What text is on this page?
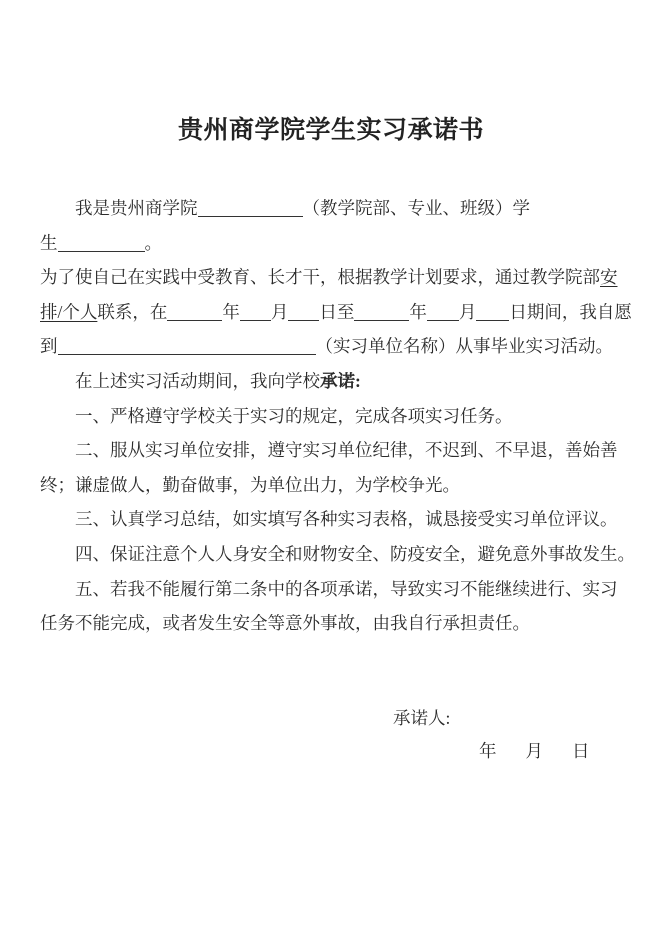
贵州商学院学生实习承诺书
我是贵州商学院	（教学院部、专业、班级）学
生	。
为了使自己在实践中受教育、长才干，根据教学计划要求，通过教学院部安
排/个人联系，在	年 月 日至	年 月 日期间，我自愿
到	（实习单位名称）从事毕业实习活动。
在上述实习活动期间，我向学校承诺:
一、严格遵守学校关于实习的规定，完成各项实习任务。
二、服从实习单位安排，遵守实习单位纪律，不迟到、不早退，善始善
终；谦虚做人，勤奋做事，为单位出力，为学校争光。
三、认真学习总结，如实填写各种实习表格，诚恳接受实习单位评议。
四、保证注意个人人身安全和财物安全、防疫安全，避免意外事故发生。
五、若我不能履行第二条中的各项承诺，导致实习不能继续进行、实习
任务不能完成，或者发生安全等意外事故，由我自行承担责任。
承诺人:
年 月 日
